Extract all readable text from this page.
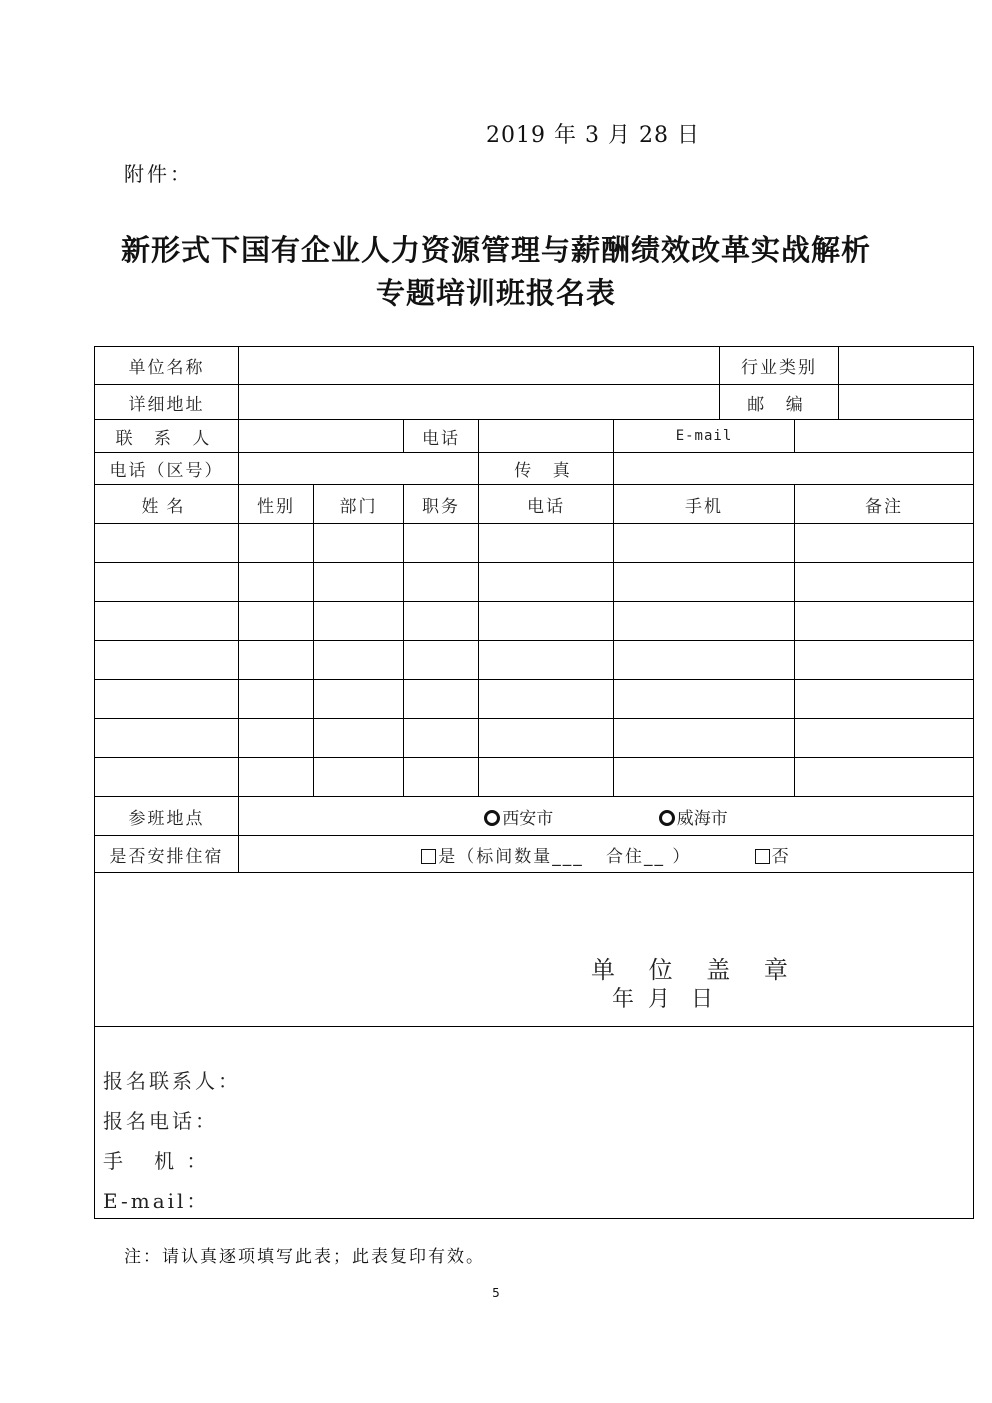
2019 年 3 月 28 日
附件：
新形式下国有企业人力资源管理与薪酬绩效改革实战解析
专题培训班报名表
单位名称						行业类别		
详细地址						邮 编		
联 系 人			电话		E-mail			
电话（区号）				传 真				
姓名	性别	部门	职务	电话	手机		备注	

参班地点	西安市 威海市							
是否安排住宿	是（标间数量___   合住__ ） 否							

单 位 盖 章
年  月   日								

报名联系人：
报名电话：
手   机 ：
E-mail：								
注：请认真逐项填写此表；此表复印有效。
5
